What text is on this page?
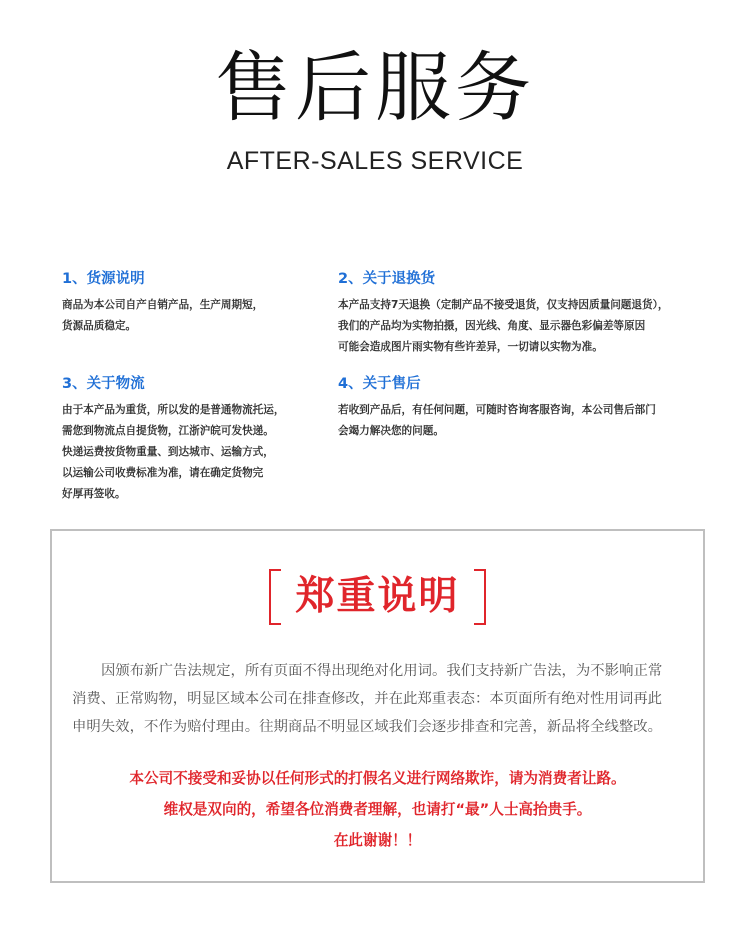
售后服务
AFTER-SALES SERVICE
1、货源说明
商品为本公司自产自销产品，生产周期短，
货源品质稳定。
2、关于退换货
本产品支持7天退换（定制产品不接受退货，仅支持因质量问题退货），
我们的产品均为实物拍摄，因光线、角度、显示器色彩偏差等原因
可能会造成图片雨实物有些许差异，一切请以实物为准。
3、关于物流
由于本产品为重货，所以发的是普通物流托运，
需您到物流点自提货物，江浙沪皖可发快递。
快递运费按货物重量、到达城市、运输方式，
以运输公司收费标准为准，请在确定货物完
好厚再签收。
4、关于售后
若收到产品后，有任何问题，可随时咨询客服咨询，本公司售后部门
会竭力解决您的问题。
郑重说明
因颁布新广告法规定，所有页面不得出现绝对化用词。我们支持新广告法，为不影响正常
消费、正常购物，明显区域本公司在排查修改，并在此郑重表态：本页面所有绝对性用词再此
申明失效，不作为赔付理由。往期商品不明显区域我们会逐步排查和完善，新品将全线整改。
本公司不接受和妥协以任何形式的打假名义进行网络欺诈，请为消费者让路。
维权是双向的，希望各位消费者理解，也请打“最”人士高抬贵手。
在此谢谢！！
